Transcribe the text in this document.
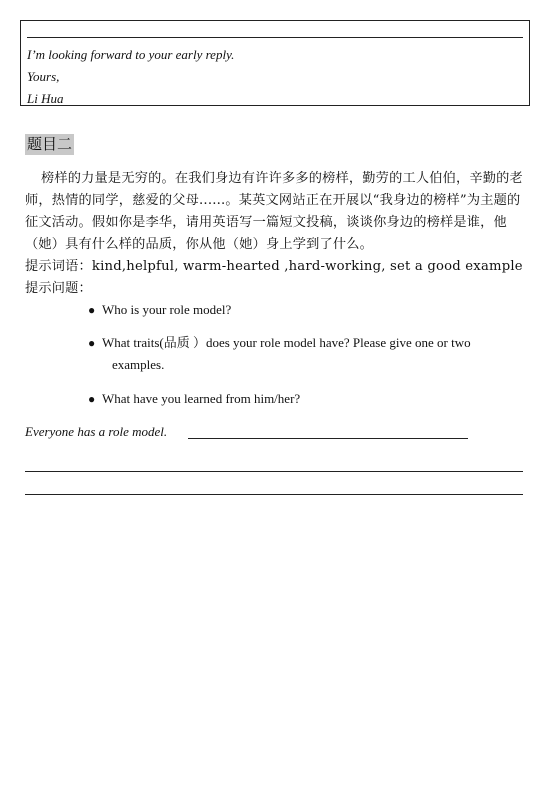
I’m looking forward to your early reply.
Yours,
Li Hua
题目二
榜样的力量是无穷的。在我们身边有许许多多的榜样，勤劳的工人伯伯，辛勤的老师，热情的同学，慈爱的父母......。某英文网站正在开展以“我身边的榜样”为主题的征文活动。假如你是李华，请用英语写一篇短文投稿，谈谈你身边的榜样是谁，他（她）具有什么样的品质，你从他（她）身上学到了什么。
提示词语：kind,helpful, warm-hearted ,hard-working, set a good example
提示问题：
● Who is your role model?
● What traits(品质 ）does your role model have? Please give one or two
examples.
● What have you learned from him/her?
Everyone has a role model.
